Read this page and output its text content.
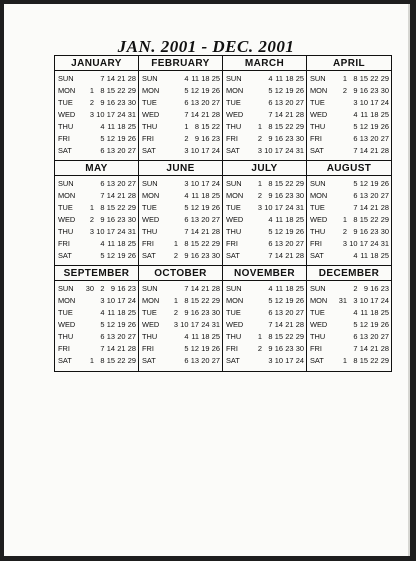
JAN. 2001 - DEC. 2001
JANUARY
SUN	7 14 21 28
MON	1 8 15 22 29
TUE	2 9 16 23 30
WED	3 10 17 24 31
THU	4 11 18 25
FRI	5 12 19 26
SAT	6 13 20 27
FEBRUARY
SUN	4 11 18 25
MON	5 12 19 26
TUE	6 13 20 27
WED	7 14 21 28
THU	1 8 15 22
FRI	2 9 16 23
SAT	3 10 17 24
MARCH
SUN	4 11 18 25
MON	5 12 19 26
TUE	6 13 20 27
WED	7 14 21 28
THU	1 8 15 22 29
FRI	2 9 16 23 30
SAT	3 10 17 24 31
APRIL
SUN	1 8 15 22 29
MON	2 9 16 23 30
TUE	3 10 17 24
WED	4 11 18 25
THU	5 12 19 26
FRI	6 13 20 27
SAT	7 14 21 28
MAY
SUN	6 13 20 27
MON	7 14 21 28
TUE	1 8 15 22 29
WED	2 9 16 23 30
THU	3 10 17 24 31
FRI	4 11 18 25
SAT	5 12 19 26
JUNE
SUN	3 10 17 24
MON	4 11 18 25
TUE	5 12 19 26
WED	6 13 20 27
THU	7 14 21 28
FRI	1 8 15 22 29
SAT	2 9 16 23 30
JULY
SUN	1 8 15 22 29
MON	2 9 16 23 30
TUE	3 10 17 24 31
WED	4 11 18 25
THU	5 12 19 26
FRI	6 13 20 27
SAT	7 14 21 28
AUGUST
SUN	5 12 19 26
MON	6 13 20 27
TUE	7 14 21 28
WED	1 8 15 22 29
THU	2 9 16 23 30
FRI	3 10 17 24 31
SAT	4 11 18 25
SEPTEMBER
SUN	30 2 9 16 23
MON	3 10 17 24
TUE	4 11 18 25
WED	5 12 19 26
THU	6 13 20 27
FRI	7 14 21 28
SAT	1 8 15 22 29
OCTOBER
SUN	7 14 21 28
MON	1 8 15 22 29
TUE	2 9 16 23 30
WED	3 10 17 24 31
THU	4 11 18 25
FRI	5 12 19 26
SAT	6 13 20 27
NOVEMBER
SUN	4 11 18 25
MON	5 12 19 26
TUE	6 13 20 27
WED	7 14 21 28
THU	1 8 15 22 29
FRI	2 9 16 23 30
SAT	3 10 17 24
DECEMBER
SUN	2 9 16 23
MON	31 3 10 17 24
TUE	4 11 18 25
WED	5 12 19 26
THU	6 13 20 27
FRI	7 14 21 28
SAT	1 8 15 22 29
